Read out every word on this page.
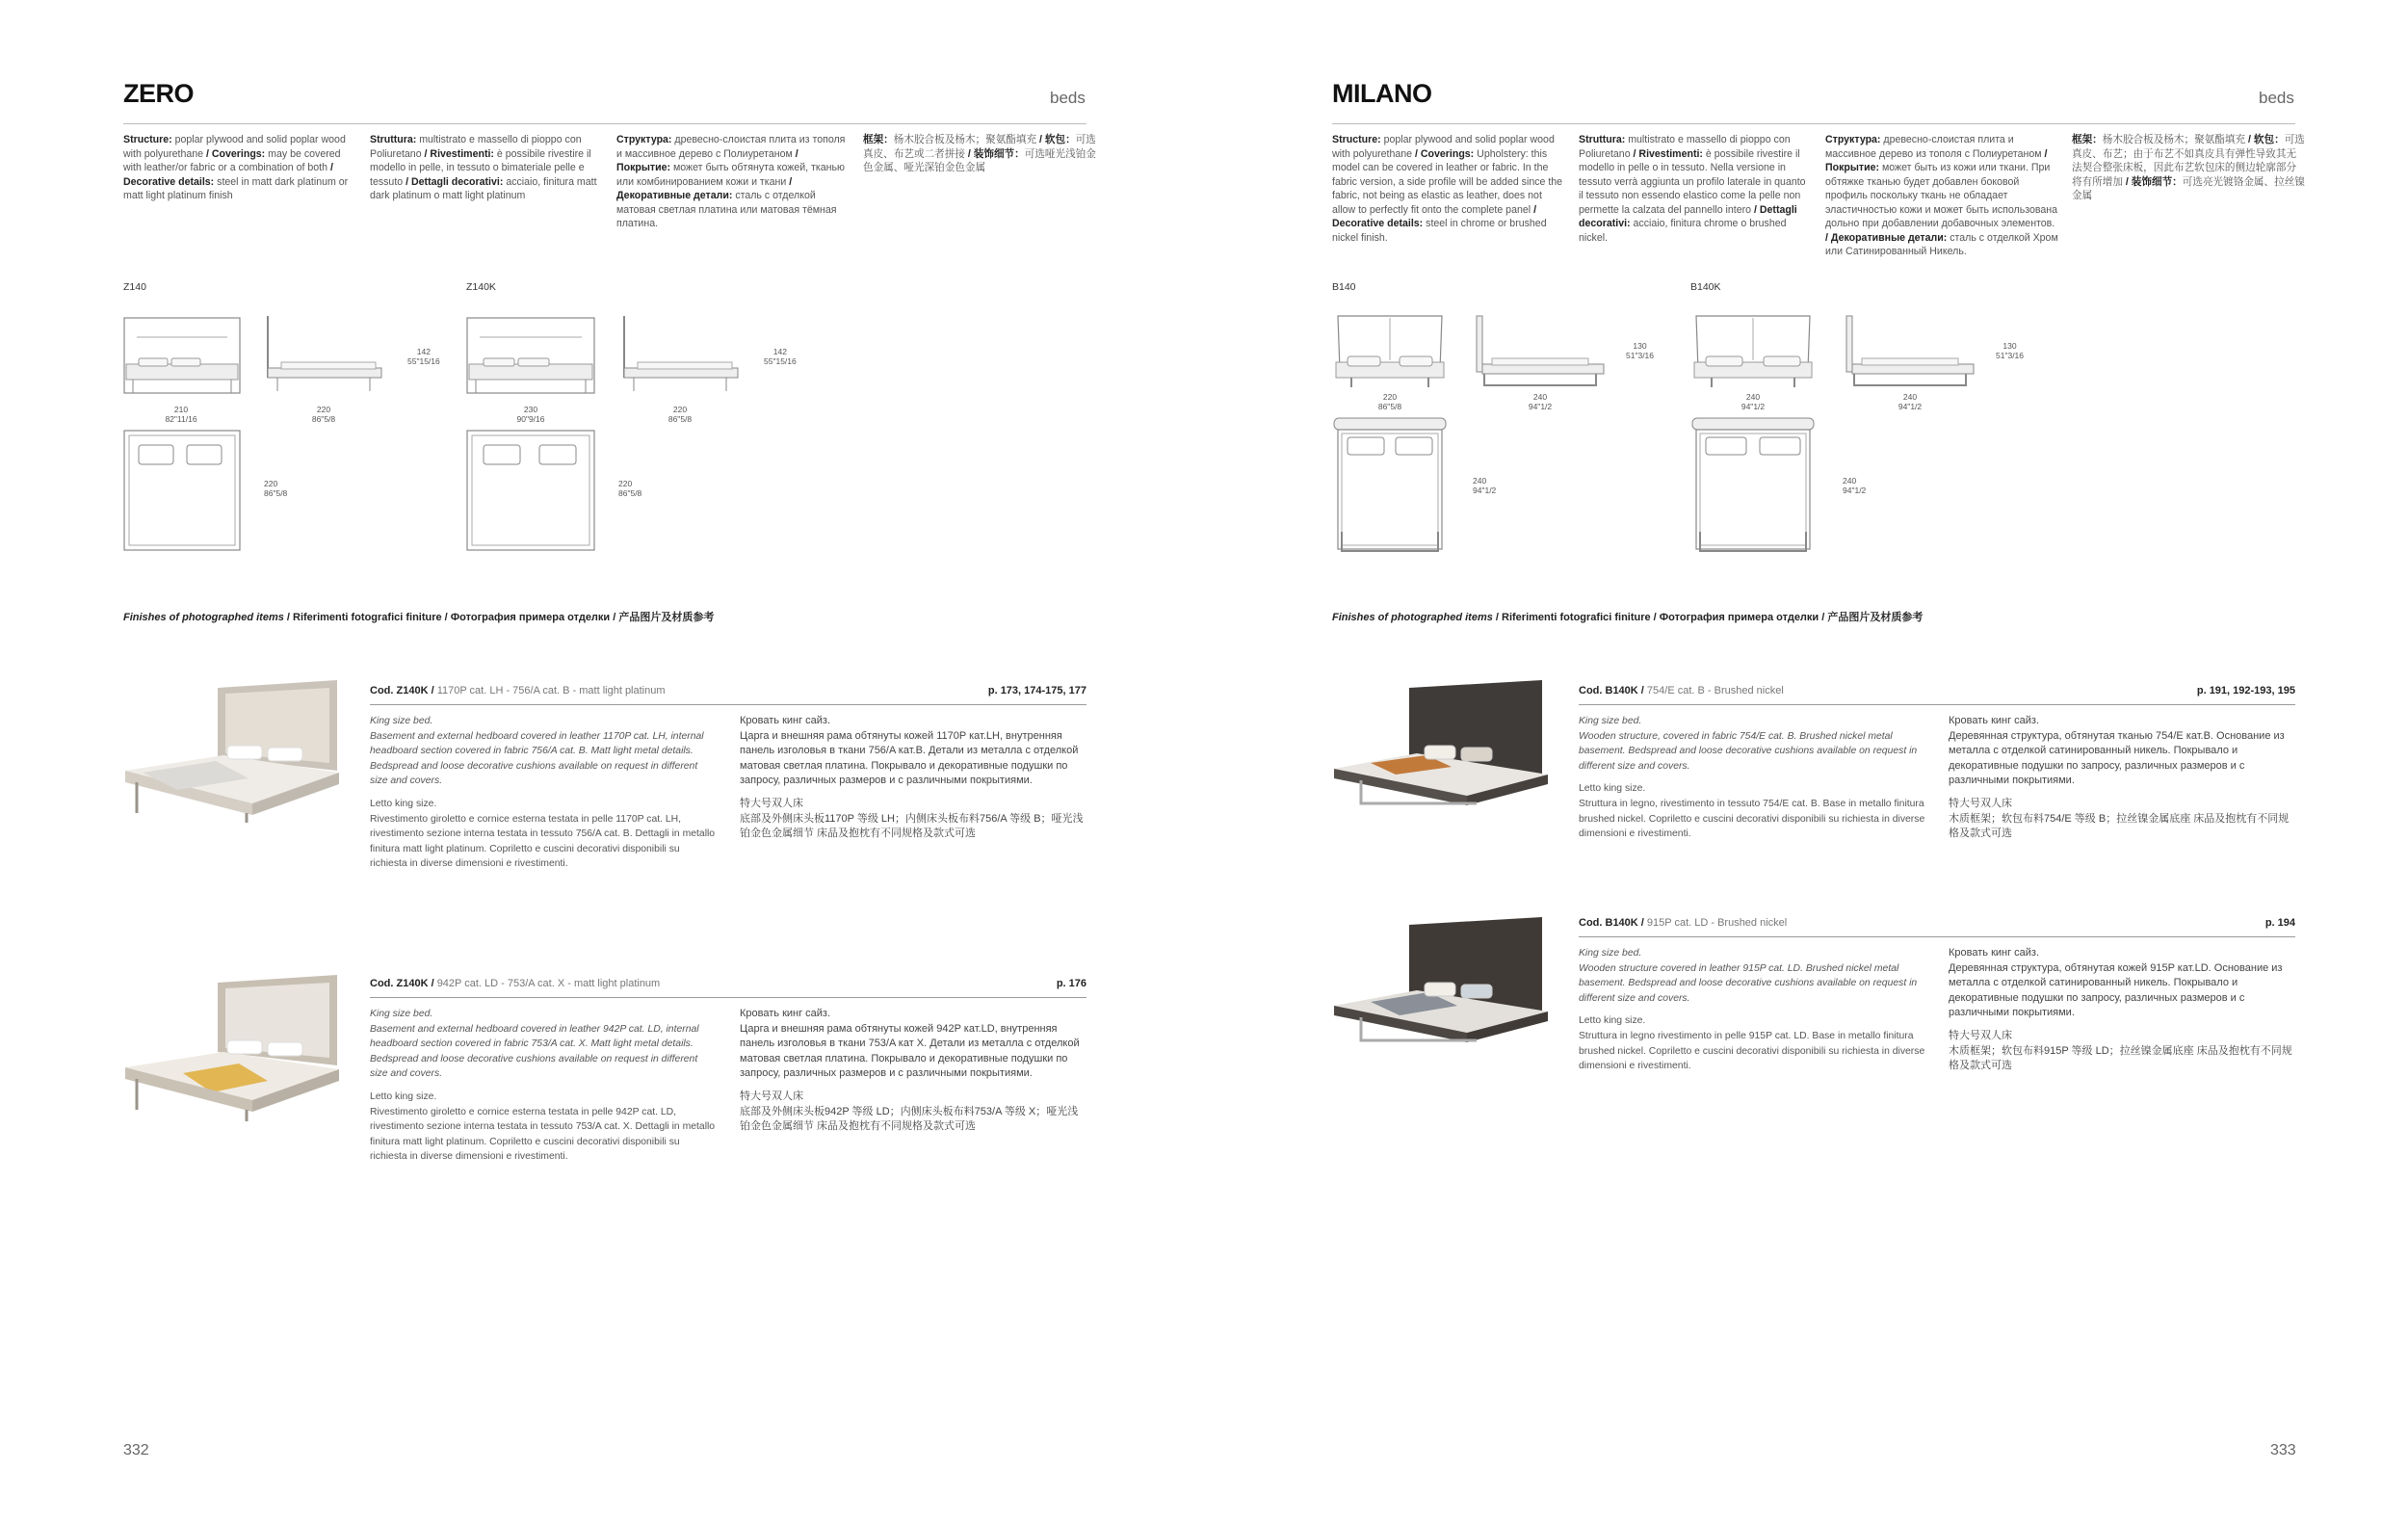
ZERO	beds
Structure: poplar plywood and solid poplar wood with polyurethane / Coverings: may be covered with leather/or fabric or a combination of both / Decorative details: steel in matt dark platinum or matt light platinum finish
Struttura: multistrato e massello di pioppo con Poliuretano / Rivestimenti: è possibile rivestire il modello in pelle, in tessuto o bimateriale pelle e tessuto / Dettagli decorativi: acciaio, finitura matt dark platinum o matt light platinum
Структура: древесно-слоистая плита из тополя и массивное дерево с Полиуретаном / Покрытие: может быть обтянута кожей, тканью или комбинированием кожи и ткани / Декоративные детали: сталь с отделкой матовая светлая платина или матовая тёмная платина.
框架：杨木胶合板及杨木；聚氨酯填充 / 软包：可选真皮、布艺或二者拼接 / 装饰细节：可选哑光浅铂金色金属、哑光深铂金色金属
Z140
142
55"15/16
210
82"11/16
220
86"5/8
220
86"5/8
Z140K
142
55"15/16
230
90"9/16
220
86"5/8
220
86"5/8
Finishes of photographed items / Riferimenti fotografici finiture / Фотография примера отделки / 产品图片及材质参考
Cod. Z140K / 1170P cat. LH - 756/A cat. B - matt light platinum	p. 173, 174-175, 177
King size bed.
Basement and external hedboard covered in leather 1170P cat. LH, internal headboard section covered in fabric 756/A cat. B. Matt light metal details. Bedspread and loose decorative cushions available on request in different size and covers.
Letto king size.
Rivestimento giroletto e cornice esterna testata in pelle 1170P cat. LH, rivestimento sezione interna testata in tessuto 756/A cat. B. Dettagli in metallo finitura matt light platinum. Copriletto e cuscini decorativi disponibili su richiesta in diverse dimensioni e rivestimenti.
Кровать кинг сайз.
Царга и внешняя рама обтянуты кожей 1170P кат.LH, внутренняя панель изголовья в ткани 756/A кат.B. Детали из металла с отделкой матовая светлая платина. Покрывало и декоративные подушки по запросу, различных размеров и с различными покрытиями.
特大号双人床
底部及外侧床头板1170P 等级 LH；内侧床头板布料756/A 等级 B；哑光浅铂金色金属细节 床品及抱枕有不同规格及款式可选
Cod. Z140K / 942P cat. LD - 753/A cat. X - matt light platinum	p. 176
King size bed.
Basement and external hedboard covered in leather 942P cat. LD, internal headboard section covered in fabric 753/A cat. X. Matt light metal details. Bedspread and loose decorative cushions available on request in different size and covers.
Letto king size.
Rivestimento giroletto e cornice esterna testata in pelle 942P cat. LD, rivestimento sezione interna testata in tessuto 753/A cat. X. Dettagli in metallo finitura matt light platinum. Copriletto e cuscini decorativi disponibili su richiesta in diverse dimensioni e rivestimenti.
Кровать кинг сайз.
Царга и внешняя рама обтянуты кожей 942P кат.LD, внутренняя панель изголовья в ткани 753/A кат X. Детали из металла с отделкой матовая светлая платина. Покрывало и декоративные подушки по запросу, различных размеров и с различными покрытиями.
特大号双人床
底部及外侧床头板942P 等级 LD；内侧床头板布料753/A 等级 X；哑光浅铂金色金属细节 床品及抱枕有不同规格及款式可选
332
MILANO	beds
Structure: poplar plywood and solid poplar wood with polyurethane / Coverings: Upholstery: this model can be covered in leather or fabric. In the fabric version, a side profile will be added since the fabric, not being as elastic as leather, does not allow to perfectly fit onto the complete panel / Decorative details: steel in chrome or brushed nickel finish.
Struttura: multistrato e massello di pioppo con Poliuretano / Rivestimenti: è possibile rivestire il modello in pelle o in tessuto. Nella versione in tessuto verrà aggiunta un profilo laterale in quanto il tessuto non essendo elastico come la pelle non permette la calzata del pannello intero / Dettagli decorativi: acciaio, finitura chrome o brushed nickel.
Структура: древесно-слоистая плита и массивное дерево из тополя с Полиуретаном / Покрытие: может быть из кожи или ткани. При обтяжке тканью будет добавлен боковой профиль поскольку ткань не обладает эластичностью кожи и может быть использована дольно при добавлении добавочных элементов. / Декоративные детали: сталь с отделкой Хром или Сатинированный Никель.
框架：杨木胶合板及杨木；聚氨酯填充 / 软包：可选真皮、布艺；由于布艺不如真皮具有弹性导致其无法契合整张床板，因此布艺软包床的侧边轮廓部分将有所增加 / 装饰细节：可选亮光镀铬金属、拉丝镍金属
B140
130
51"3/16
220
86"5/8
240
94"1/2
240
94"1/2
B140K
130
51"3/16
240
94"1/2
240
94"1/2
240
94"1/2
Finishes of photographed items / Riferimenti fotografici finiture / Фотография примера отделки / 产品图片及材质参考
Cod. B140K / 754/E cat. B - Brushed nickel	p. 191, 192-193, 195
King size bed.
Wooden structure, covered in fabric 754/E cat. B. Brushed nickel metal basement. Bedspread and loose decorative cushions available on request in different size and covers.
Letto king size.
Struttura in legno, rivestimento in tessuto 754/E cat. B. Base in metallo finitura brushed nickel. Copriletto e cuscini decorativi disponibili su richiesta in diverse dimensioni e rivestimenti.
Кровать кинг сайз.
Деревянная структура, обтянутая тканью 754/E кат.B. Основание из металла с отделкой сатинированный никель. Покрывало и декоративные подушки по запросу, различных размеров и с различными покрытиями.
特大号双人床
木质框架；软包布料754/E 等级 B；拉丝镍金属底座 床品及抱枕有不同规格及款式可选
Cod. B140K / 915P cat. LD - Brushed nickel	p. 194
King size bed.
Wooden structure covered in leather 915P cat. LD. Brushed nickel metal basement. Bedspread and loose decorative cushions available on request in different size and covers.
Letto king size.
Struttura in legno rivestimento in pelle 915P cat. LD. Base in metallo finitura brushed nickel. Copriletto e cuscini decorativi disponibili su richiesta in diverse dimensioni e rivestimenti.
Кровать кинг сайз.
Деревянная структура, обтянутая кожей 915P кат.LD. Основание из металла с отделкой сатинированный никель. Покрывало и декоративные подушки по запросу, различных размеров и с различными покрытиями.
特大号双人床
木质框架；软包布料915P 等级 LD；拉丝镍金属底座 床品及抱枕有不同规格及款式可选
333
